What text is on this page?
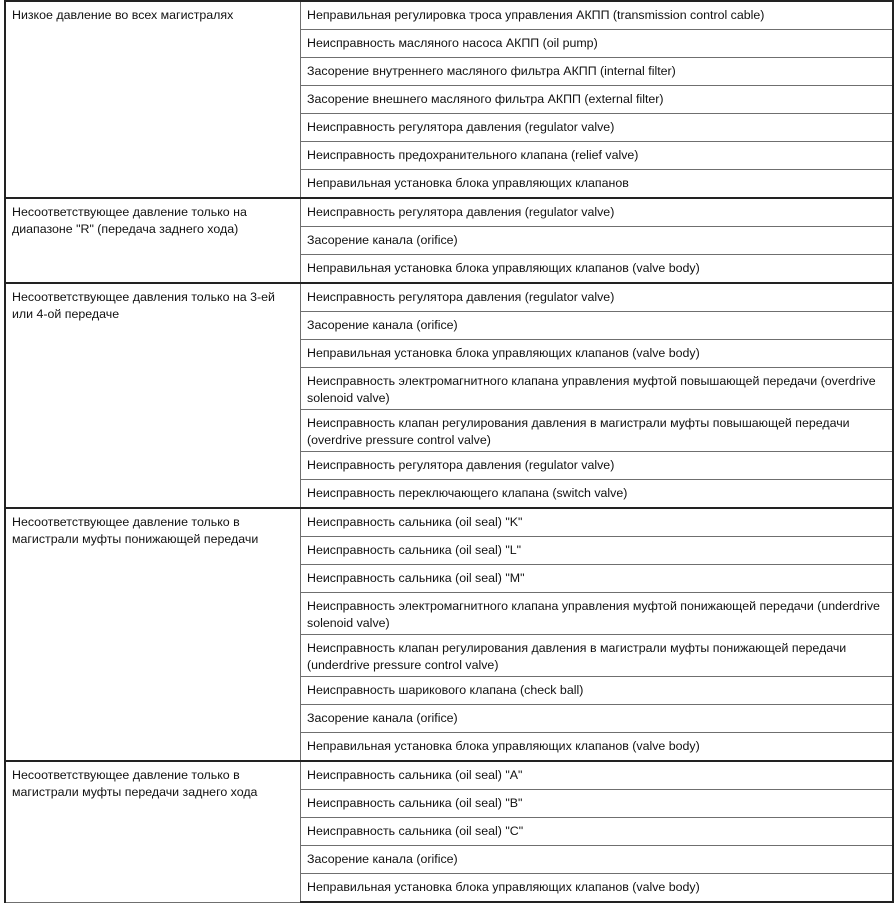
Низкое давление во всех магистралях	Неправильная регулировка троса управления АКПП (transmission control cable)
	Неисправность масляного насоса АКПП (oil pump)
	Засорение внутреннего масляного фильтра АКПП (internal filter)
	Засорение внешнего масляного фильтра АКПП (external filter)
	Неисправность регулятора давления (regulator valve)
	Неисправность предохранительного клапана (relief valve)
	Неправильная установка блока управляющих клапанов
Несоответствующее давление только на диапазоне "R" (передача заднего хода)	Неисправность регулятора давления (regulator valve)
	Засорение канала (orifice)
	Неправильная установка блока управляющих клапанов (valve body)
Несоответствующее давления только на 3-ей или 4-ой передаче	Неисправность регулятора давления (regulator valve)
	Засорение канала (orifice)
	Неправильная установка блока управляющих клапанов (valve body)
	Неисправность электромагнитного клапана управления муфтой повышающей передачи (overdrive solenoid valve)
	Неисправность клапан регулирования давления в магистрали муфты повышающей передачи (overdrive pressure control valve)
	Неисправность регулятора давления (regulator valve)
	Неисправность переключающего клапана (switch valve)
Несоответствующее давление только в магистрали муфты понижающей передачи	Неисправность сальника (oil seal) "K"
	Неисправность сальника (oil seal) "L"
	Неисправность сальника (oil seal) "M"
	Неисправность электромагнитного клапана управления муфтой понижающей передачи (underdrive solenoid valve)
	Неисправность клапан регулирования давления в магистрали муфты понижающей передачи (underdrive pressure control valve)
	Неисправность шарикового клапана (check ball)
	Засорение канала (orifice)
	Неправильная установка блока управляющих клапанов (valve body)
Несоответствующее давление только в магистрали муфты передачи заднего хода	Неисправность сальника (oil seal) "A"
	Неисправность сальника (oil seal) "B"
	Неисправность сальника (oil seal) "C"
	Засорение канала (orifice)
	Неправильная установка блока управляющих клапанов (valve body)
